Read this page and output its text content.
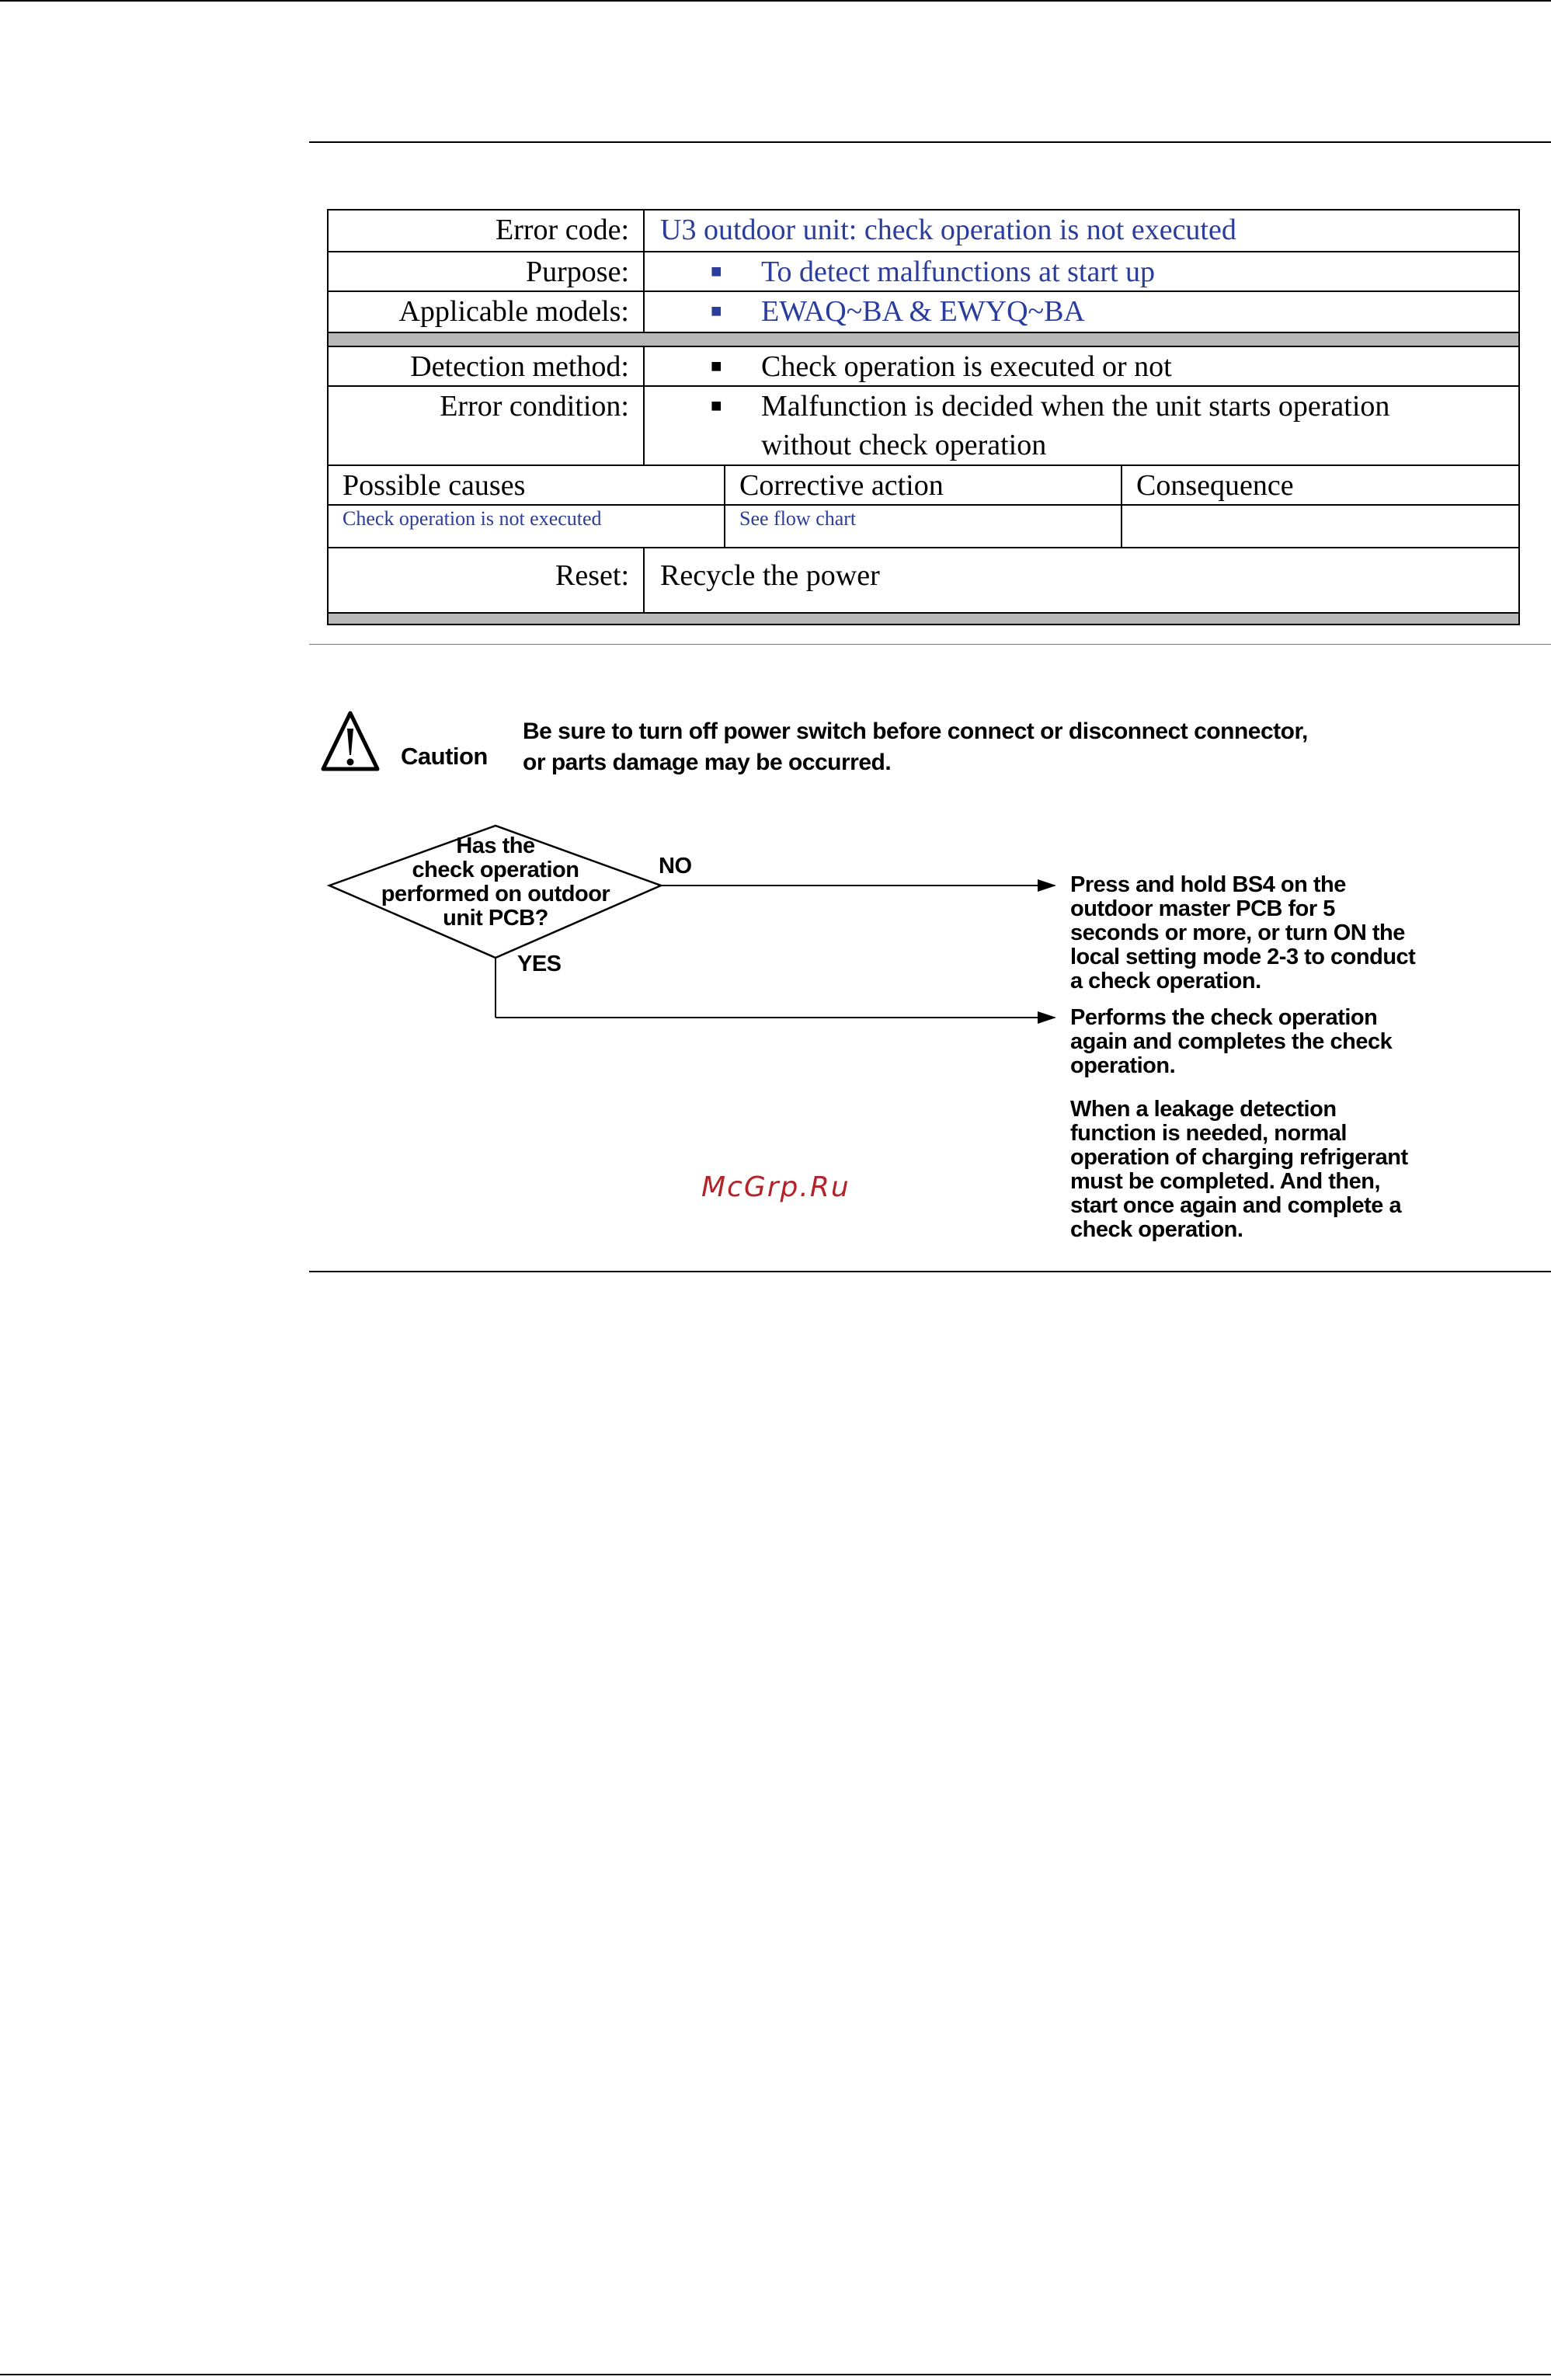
Error code:	U3 outdoor unit: check operation is not executed
Purpose:	■ To detect malfunctions at start up
Applicable models:	■ EWAQ~BA & EWYQ~BA
Detection method:	■ Check operation is executed or not
Error condition:	■ Malfunction is decided when the unit starts operation
without check operation
Possible causes	Corrective action	Consequence
Check operation is not executed	See flow chart
Reset:	Recycle the power
Caution
Be sure to turn off power switch before connect or disconnect connector,
or parts damage may be occurred.
Has the
check operation
performed on outdoor
unit PCB?
NO
YES
Press and hold BS4 on the
outdoor master PCB for 5
seconds or more, or turn ON the
local setting mode 2-3 to conduct
a check operation.
Performs the check operation
again and completes the check
operation.
When a leakage detection
function is needed, normal
operation of charging refrigerant
must be completed. And then,
start once again and complete a
check operation.
McGrp.Ru
